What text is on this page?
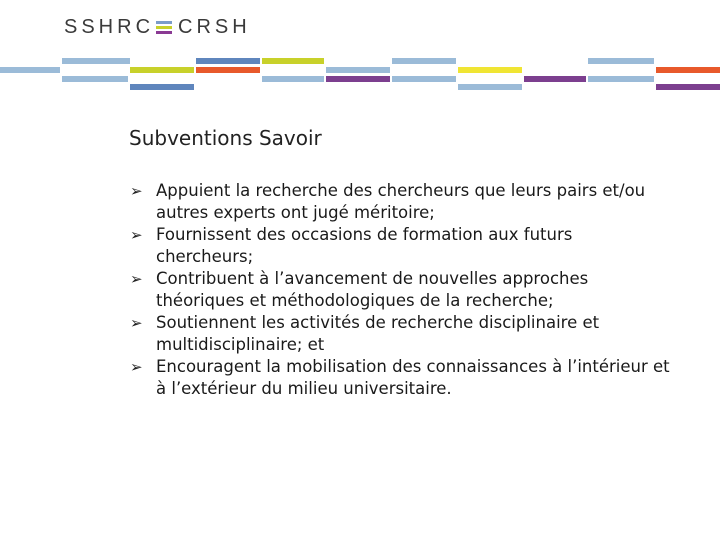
SSHRC CRSH
Subventions Savoir
➢ Appuient la recherche des chercheurs que leurs pairs et/ou autres experts ont jugé méritoire;
➢ Fournissent des occasions de formation aux futurs chercheurs;
➢ Contribuent à l’avancement de nouvelles approches théoriques et méthodologiques de la recherche;
➢ Soutiennent les activités de recherche disciplinaire et multidisciplinaire; et
➢ Encouragent la mobilisation des connaissances à l’intérieur et à l’extérieur du milieu universitaire.
